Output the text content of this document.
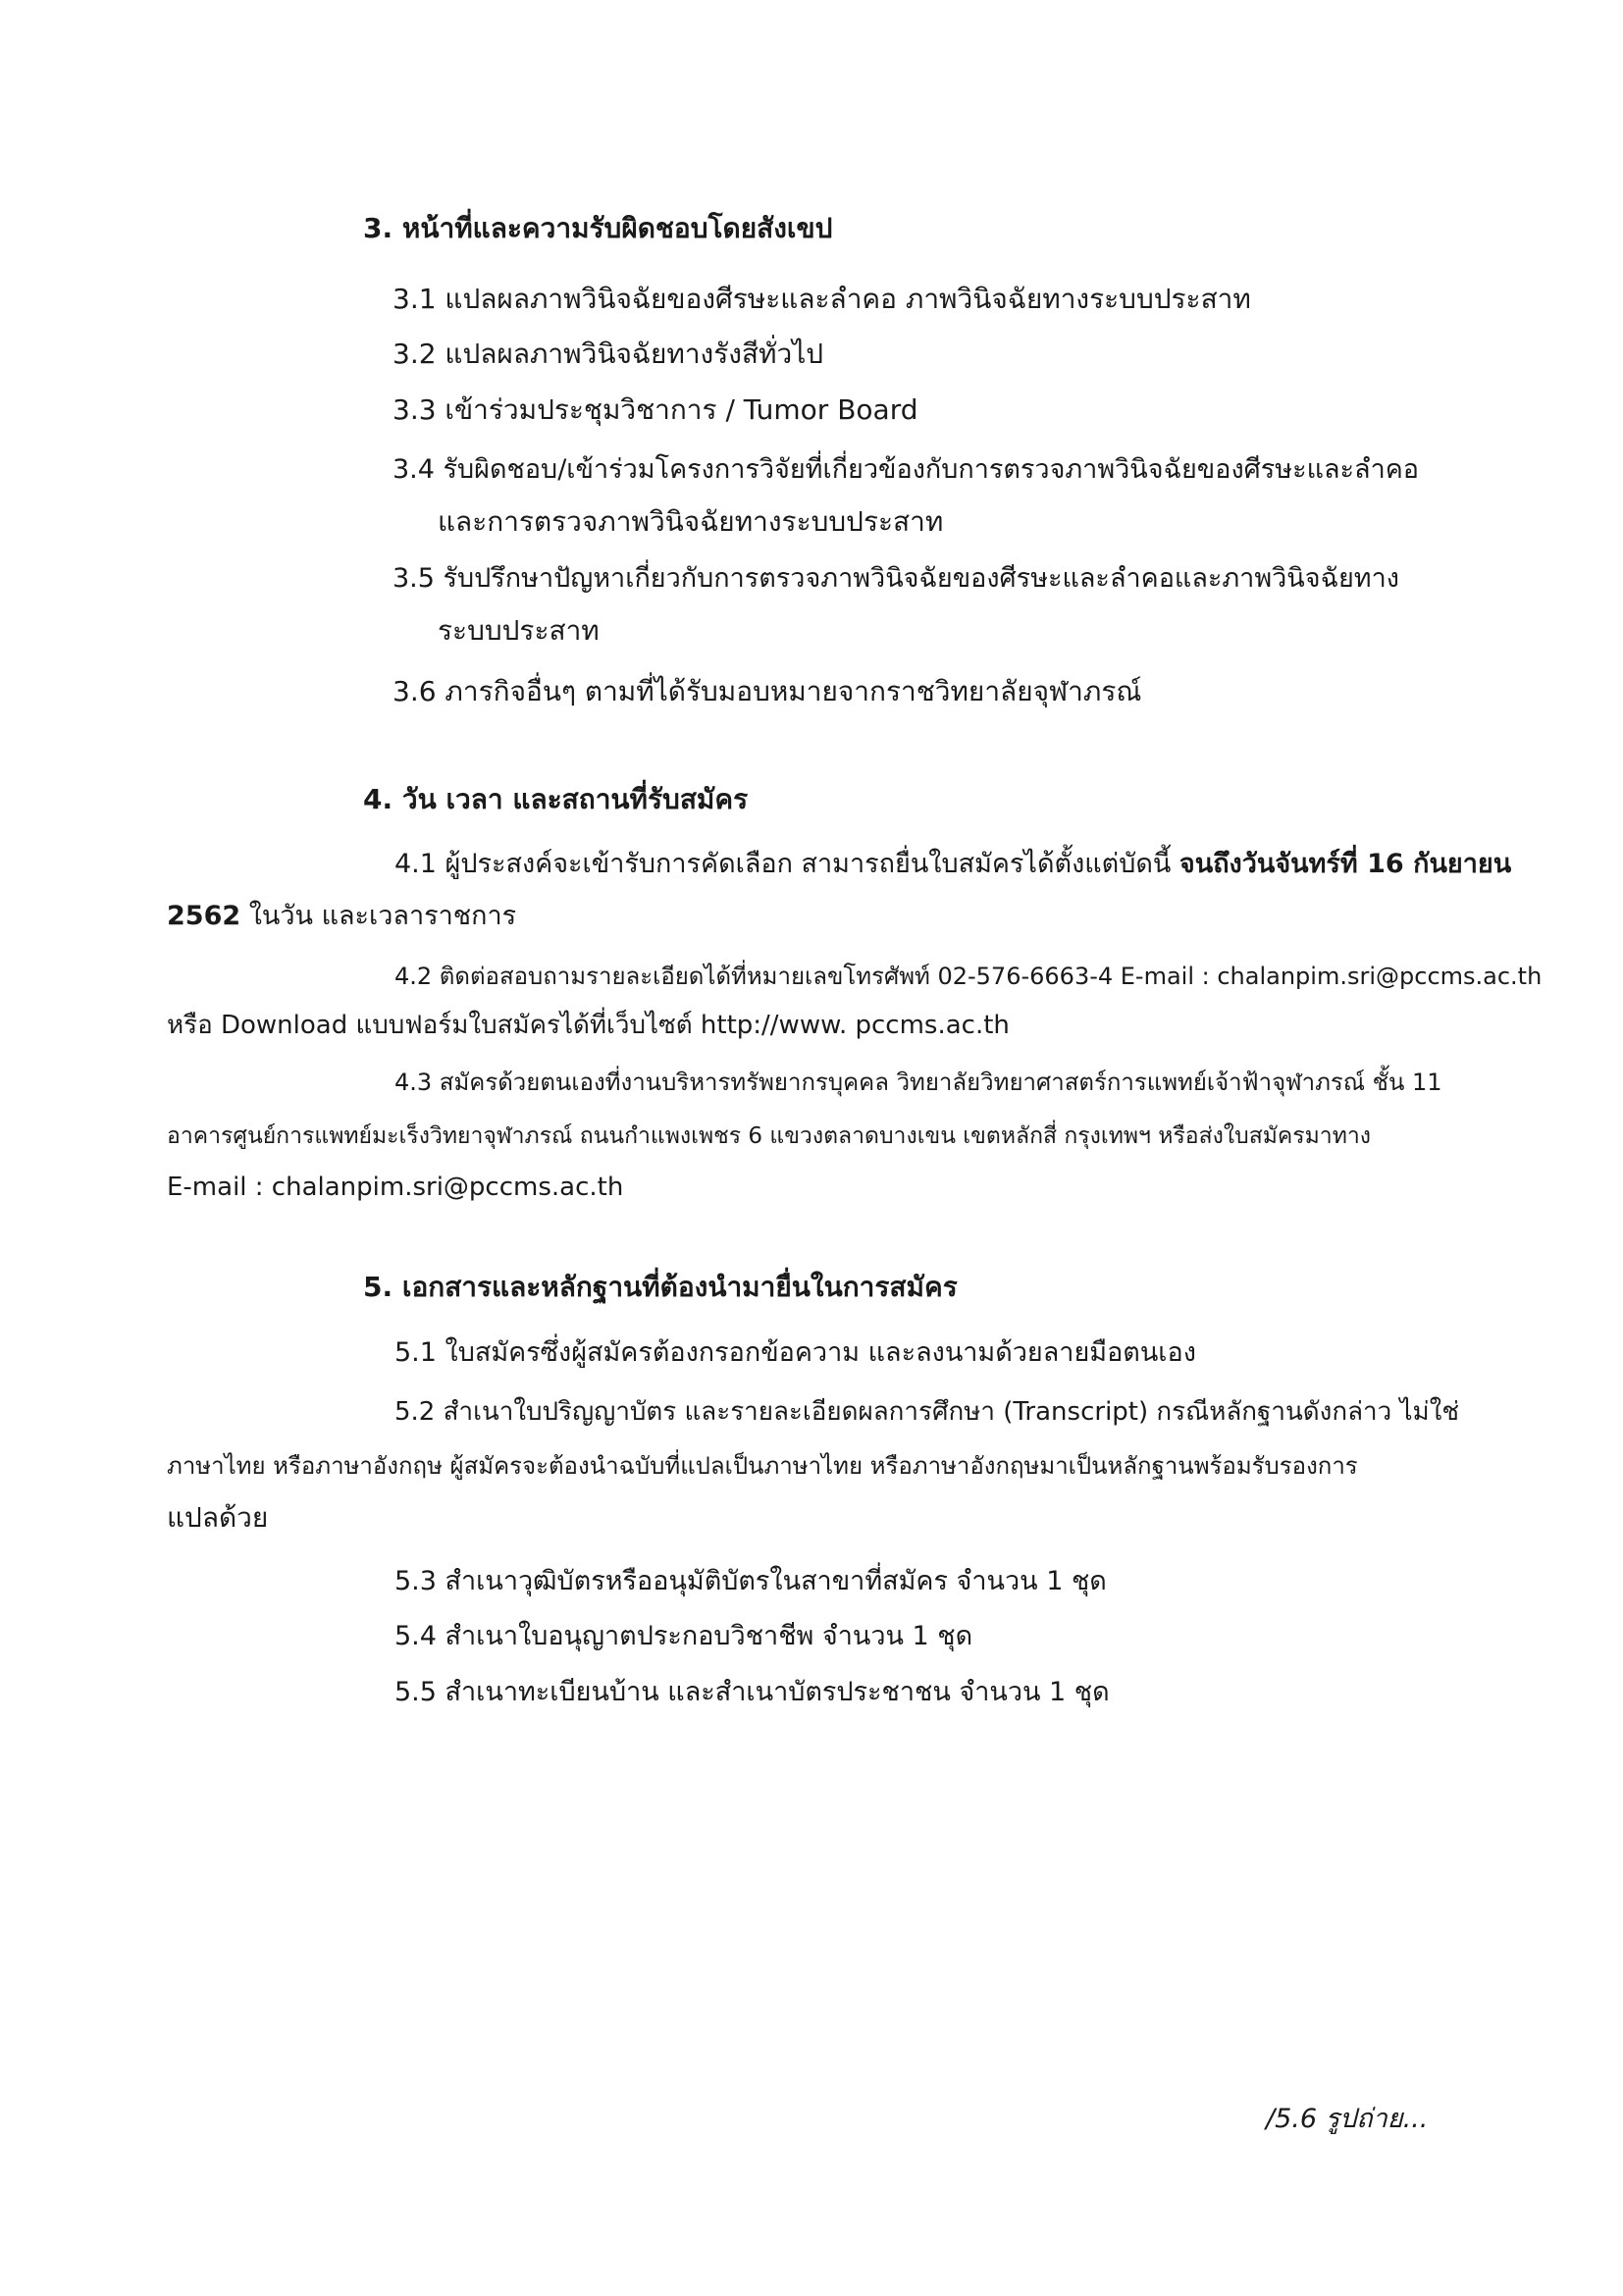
3. หน้าที่และความรับผิดชอบโดยสังเขป
3.1 แปลผลภาพวินิจฉัยของศีรษะและลำคอ ภาพวินิจฉัยทางระบบประสาท
3.2 แปลผลภาพวินิจฉัยทางรังสีทั่วไป
3.3 เข้าร่วมประชุมวิชาการ / Tumor Board
3.4 รับผิดชอบ/เข้าร่วมโครงการวิจัยที่เกี่ยวข้องกับการตรวจภาพวินิจฉัยของศีรษะและลำคอ
และการตรวจภาพวินิจฉัยทางระบบประสาท
3.5 รับปรึกษาปัญหาเกี่ยวกับการตรวจภาพวินิจฉัยของศีรษะและลำคอและภาพวินิจฉัยทาง
ระบบประสาท
3.6 ภารกิจอื่นๆ ตามที่ได้รับมอบหมายจากราชวิทยาลัยจุฬาภรณ์
4. วัน เวลา และสถานที่รับสมัคร
4.1 ผู้ประสงค์จะเข้ารับการคัดเลือก สามารถยื่นใบสมัครได้ตั้งแต่บัดนี้ จนถึงวันจันทร์ที่ 16 กันยายน
2562 ในวัน และเวลาราชการ
4.2 ติดต่อสอบถามรายละเอียดได้ที่หมายเลขโทรศัพท์ 02-576-6663-4 E-mail : chalanpim.sri@pccms.ac.th
หรือ Download แบบฟอร์มใบสมัครได้ที่เว็บไซต์ http://www. pccms.ac.th
4.3 สมัครด้วยตนเองที่งานบริหารทรัพยากรบุคคล วิทยาลัยวิทยาศาสตร์การแพทย์เจ้าฟ้าจุฬาภรณ์ ชั้น 11
อาคารศูนย์การแพทย์มะเร็งวิทยาจุฬาภรณ์ ถนนกำแพงเพชร 6 แขวงตลาดบางเขน เขตหลักสี่ กรุงเทพฯ หรือส่งใบสมัครมาทาง
E-mail : chalanpim.sri@pccms.ac.th
5. เอกสารและหลักฐานที่ต้องนำมายื่นในการสมัคร
5.1 ใบสมัครซึ่งผู้สมัครต้องกรอกข้อความ และลงนามด้วยลายมือตนเอง
5.2 สำเนาใบปริญญาบัตร และรายละเอียดผลการศึกษา (Transcript) กรณีหลักฐานดังกล่าว ไม่ใช่
ภาษาไทย หรือภาษาอังกฤษ ผู้สมัครจะต้องนำฉบับที่แปลเป็นภาษาไทย หรือภาษาอังกฤษมาเป็นหลักฐานพร้อมรับรองการ
แปลด้วย
5.3 สำเนาวุฒิบัตรหรืออนุมัติบัตรในสาขาที่สมัคร จำนวน 1 ชุด
5.4 สำเนาใบอนุญาตประกอบวิชาชีพ จำนวน 1 ชุด
5.5 สำเนาทะเบียนบ้าน และสำเนาบัตรประชาชน จำนวน 1 ชุด
/5.6 รูปถ่าย...
